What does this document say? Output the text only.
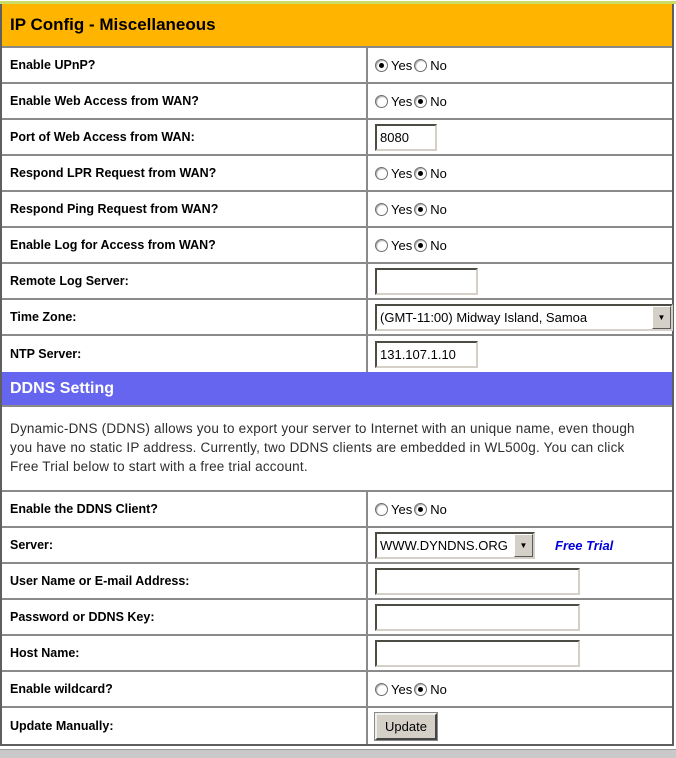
IP Config - Miscellaneous
Enable UPnP?	Yes No
Enable Web Access from WAN?	Yes No
Port of Web Access from WAN:	8080
Respond LPR Request from WAN?	Yes No
Respond Ping Request from WAN?	Yes No
Enable Log for Access from WAN?	Yes No
Remote Log Server:
Time Zone:	(GMT-11:00) Midway Island, Samoa	▼
NTP Server:	131.107.1.10
DDNS Setting
Dynamic-DNS (DDNS) allows you to export your server to Internet with an unique name, even though you have no static IP address. Currently, two DDNS clients are embedded in WL500g. You can click Free Trial below to start with a free trial account.
Enable the DDNS Client?	Yes No
Server:	WWW.DYNDNS.ORG	▼	Free Trial
User Name or E-mail Address:
Password or DDNS Key:
Host Name:
Enable wildcard?	Yes No
Update Manually:	Update
